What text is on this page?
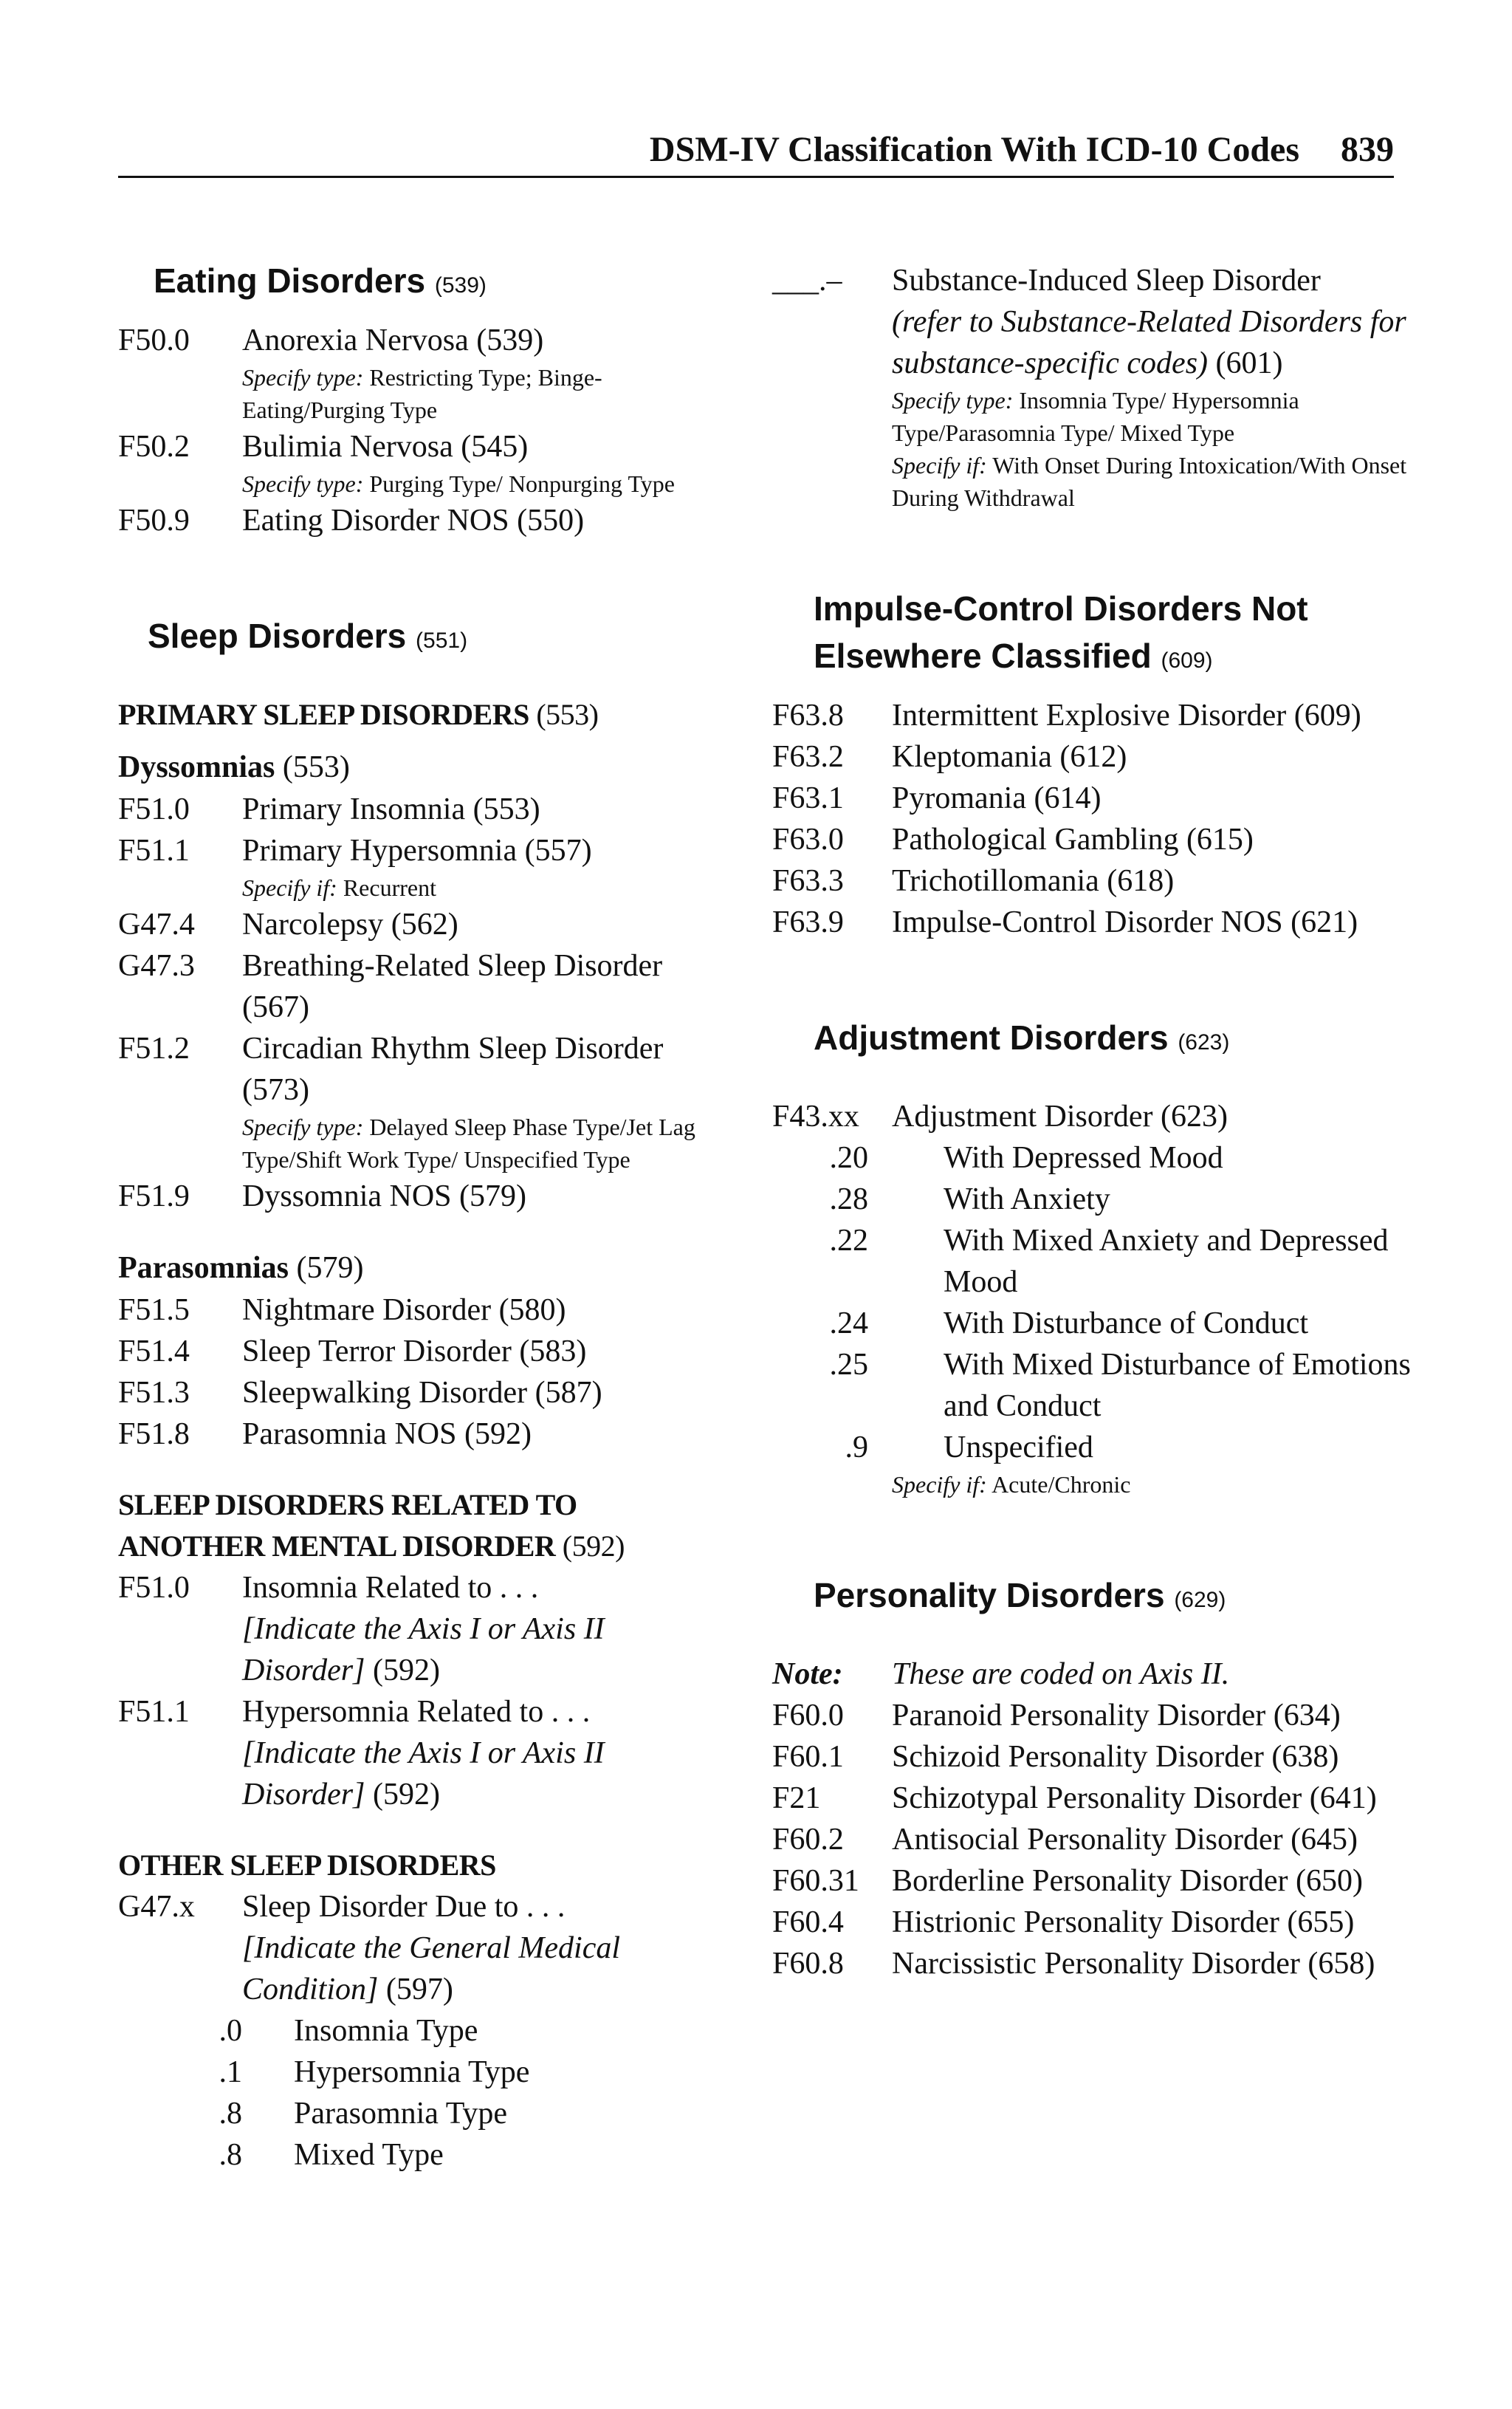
DSM-IV Classification With ICD-10 Codes 839
Eating Disorders (539)
F50.0	Anorexia Nervosa (539)
Specify type: Restricting Type; Binge-Eating/Purging Type
F50.2	Bulimia Nervosa (545)
Specify type: Purging Type/ Nonpurging Type
F50.9	Eating Disorder NOS (550)
Sleep Disorders (551)
PRIMARY SLEEP DISORDERS (553)
Dyssomnias (553)
F51.0	Primary Insomnia (553)
F51.1	Primary Hypersomnia (557)
Specify if: Recurrent
G47.4	Narcolepsy (562)
G47.3	Breathing-Related Sleep Disorder (567)
F51.2	Circadian Rhythm Sleep Disorder (573)
Specify type: Delayed Sleep Phase Type/Jet Lag Type/Shift Work Type/ Unspecified Type
F51.9	Dyssomnia NOS (579)
Parasomnias (579)
F51.5	Nightmare Disorder (580)
F51.4	Sleep Terror Disorder (583)
F51.3	Sleepwalking Disorder (587)
F51.8	Parasomnia NOS (592)
SLEEP DISORDERS RELATED TO
ANOTHER MENTAL DISORDER (592)
F51.0	Insomnia Related to . . .
[Indicate the Axis I or Axis II Disorder] (592)
F51.1	Hypersomnia Related to . . .
[Indicate the Axis I or Axis II Disorder] (592)
OTHER SLEEP DISORDERS
G47.x	Sleep Disorder Due to . . .
[Indicate the General Medical Condition] (597)
.0	Insomnia Type
.1	Hypersomnia Type
.8	Parasomnia Type
.8	Mixed Type
___.–	Substance-Induced Sleep Disorder
(refer to Substance-Related Disorders for substance-specific codes) (601)
Specify type: Insomnia Type/ Hypersomnia Type/Parasomnia Type/ Mixed Type
Specify if: With Onset During Intoxication/With Onset During Withdrawal
Impulse-Control Disorders Not
Elsewhere Classified (609)
F63.8	Intermittent Explosive Disorder (609)
F63.2	Kleptomania (612)
F63.1	Pyromania (614)
F63.0	Pathological Gambling (615)
F63.3	Trichotillomania (618)
F63.9	Impulse-Control Disorder NOS (621)
Adjustment Disorders (623)
F43.xx	Adjustment Disorder (623)
.20	With Depressed Mood
.28	With Anxiety
.22	With Mixed Anxiety and Depressed Mood
.24	With Disturbance of Conduct
.25	With Mixed Disturbance of Emotions and Conduct
.9	Unspecified
Specify if: Acute/Chronic
Personality Disorders (629)
Note:	These are coded on Axis II.
F60.0	Paranoid Personality Disorder (634)
F60.1	Schizoid Personality Disorder (638)
F21	Schizotypal Personality Disorder (641)
F60.2	Antisocial Personality Disorder (645)
F60.31	Borderline Personality Disorder (650)
F60.4	Histrionic Personality Disorder (655)
F60.8	Narcissistic Personality Disorder (658)
